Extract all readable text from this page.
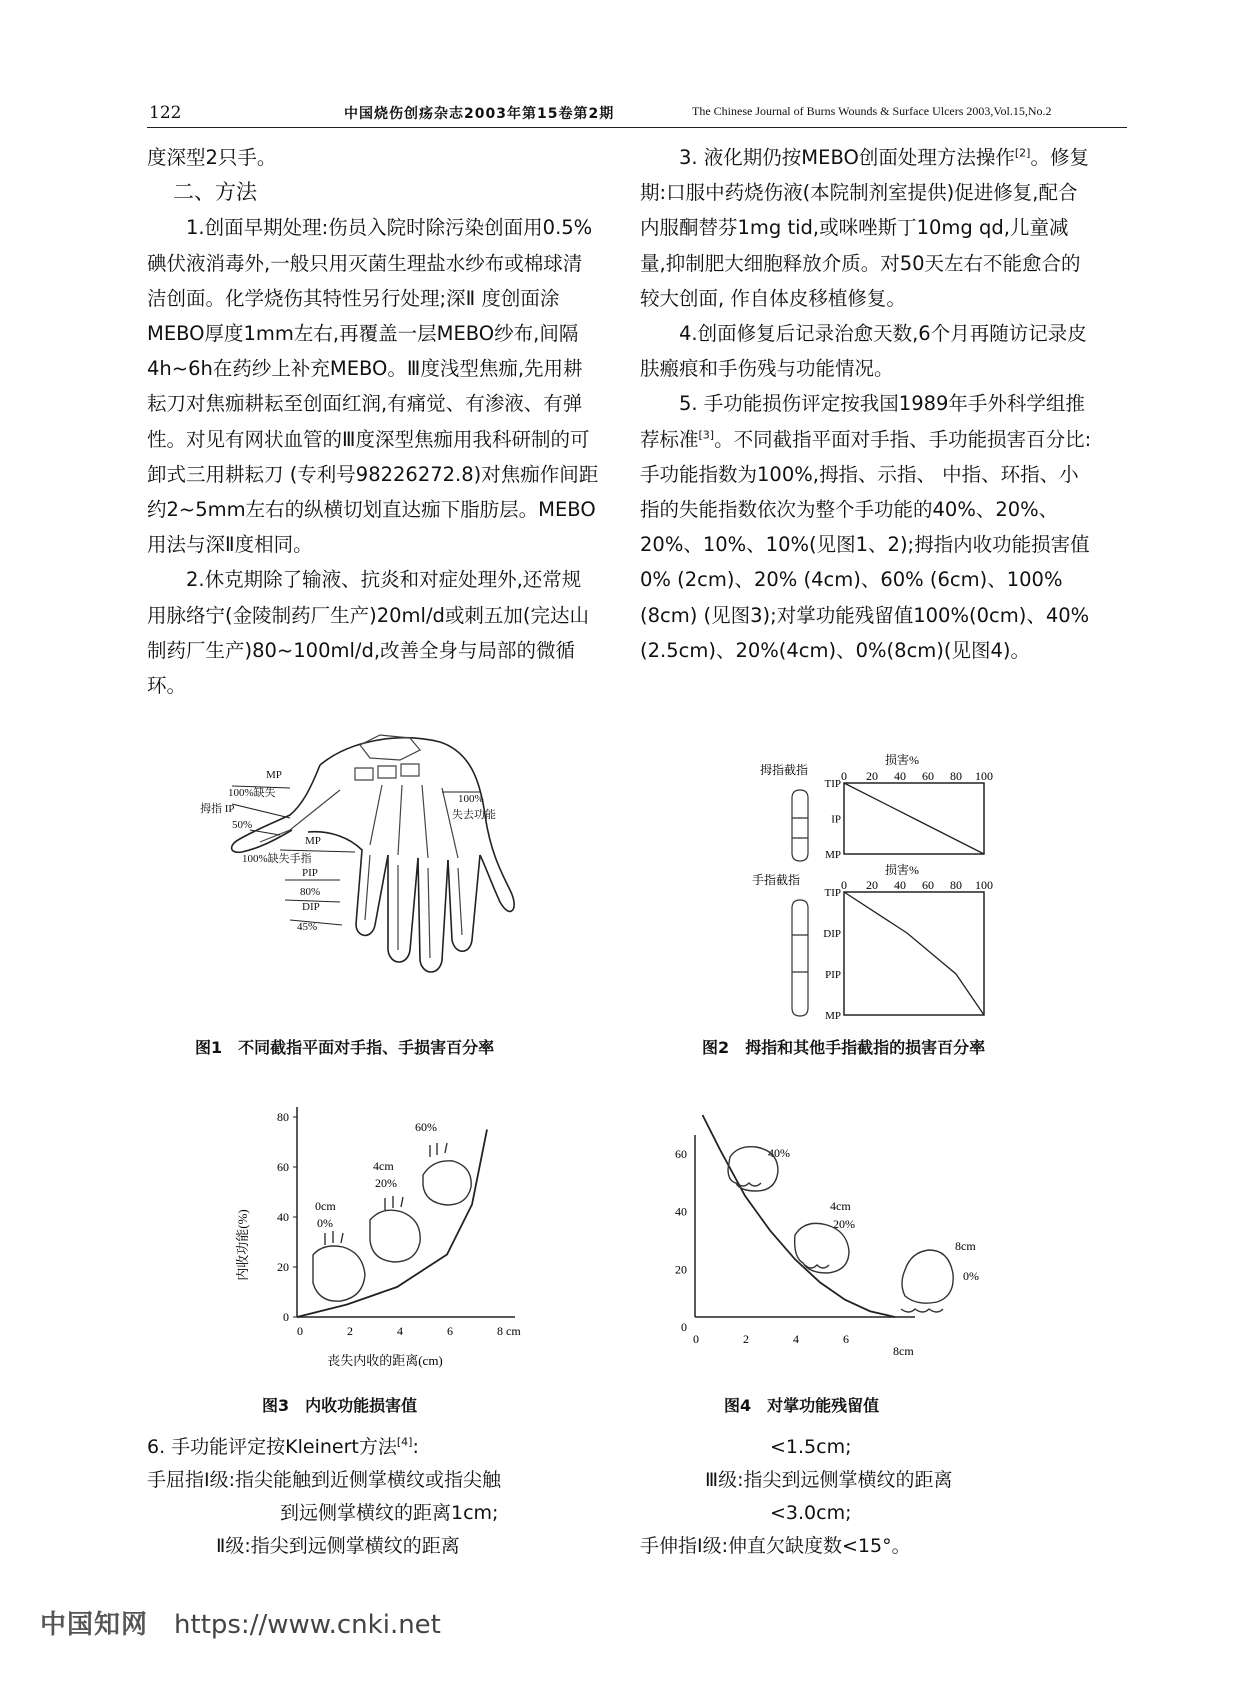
122	中国烧伤创疡杂志2003年第15卷第2期	The Chinese Journal of Burns Wounds & Surface Ulcers 2003,Vol.15,No.2

度深型2只手。

二、方法

1.创面早期处理:伤员入院时除污染创面用0.5%碘伏液消毒外,一般只用灭菌生理盐水纱布或棉球清洁创面。化学烧伤其特性另行处理;深Ⅱ 度创面涂MEBO厚度1mm左右,再覆盖一层MEBO纱布,间隔4h~6h在药纱上补充MEBO。Ⅲ度浅型焦痂,先用耕耘刀对焦痂耕耘至创面红润,有痛觉、有渗液、有弹性。对见有网状血管的Ⅲ度深型焦痂用我科研制的可卸式三用耕耘刀 (专利号98226272.8)对焦痂作间距约2~5mm左右的纵横切划直达痂下脂肪层。MEBO用法与深Ⅱ度相同。

2.休克期除了输液、抗炎和对症处理外,还常规用脉络宁(金陵制药厂生产)20ml/d或刺五加(完达山制药厂生产)80~100ml/d,改善全身与局部的微循环。

3. 液化期仍按MEBO创面处理方法操作[2]。修复期:口服中药烧伤液(本院制剂室提供)促进修复,配合内服酮替芬1mg tid,或咪唑斯丁10mg qd,儿童减量,抑制肥大细胞释放介质。对50天左右不能愈合的较大创面, 作自体皮移植修复。

4.创面修复后记录治愈天数,6个月再随访记录皮肤瘢痕和手伤残与功能情况。

5. 手功能损伤评定按我国1989年手外科学组推荐标准[3]。不同截指平面对手指、手功能损害百分比:手功能指数为100%,拇指、示指、 中指、环指、小指的失能指数依次为整个手功能的40%、20%、20%、10%、10%(见图1、2);拇指内收功能损害值0% (2cm)、20% (4cm)、60% (6cm)、100%(8cm) (见图3);对掌功能残留值100%(0cm)、40%(2.5cm)、20%(4cm)、0%(8cm)(见图4)。

MP
100%缺失
拇指 IP
50%
MP
100%缺失手指
PIP
80%
DIP
45%
100%
失去功能
图1　不同截指平面对手指、手损害百分率
损害%
拇指截指	0 20 40 60 80 100
TIP
IP
MP
损害%
手指截指	0 20 40 60 80 100
TIP
DIP
PIP
MP
图2　拇指和其他手指截指的损害百分率
内收功能(%)
80
60
40
20
0
0	2	4	6	8 cm
丧失内收的距离(cm)
0cm
0%
4cm
20%
60%
图3　内收功能损害值
60
40
20
0
0	2	4	6
8cm
40%
4cm
20%
8cm
0%
图4　对掌功能残留值
6. 手功能评定按Kleinert方法[4]:
手屈指Ⅰ级:指尖能触到近侧掌横纹或指尖触
到远侧掌横纹的距离1cm;
Ⅱ级:指尖到远侧掌横纹的距离
<1.5cm;
Ⅲ级:指尖到远侧掌横纹的距离
<3.0cm;
手伸指Ⅰ级:伸直欠缺度数<15°。
中国知网 https://www.cnki.net
